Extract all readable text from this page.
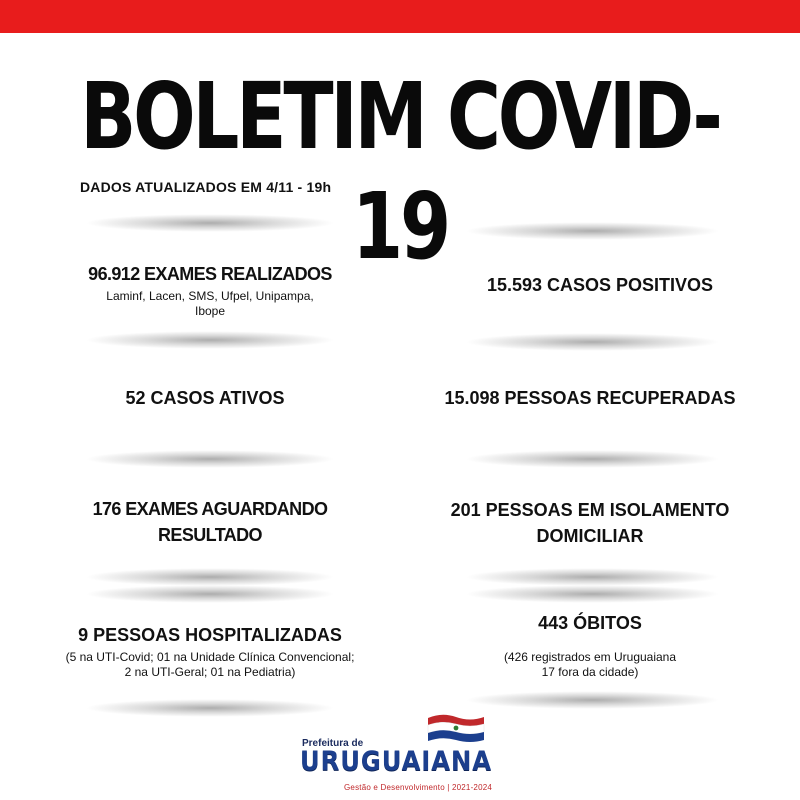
BOLETIM COVID-19
DADOS ATUALIZADOS EM 4/11 - 19h
96.912 EXAMES REALIZADOS
Laminf, Lacen, SMS, Ufpel, Unipampa, Ibope
52 CASOS ATIVOS
176 EXAMES AGUARDANDO
RESULTADO
9 PESSOAS HOSPITALIZADAS
(5 na UTI-Covid; 01 na Unidade Clínica Convencional;
2 na UTI-Geral; 01 na Pediatria)
15.593 CASOS POSITIVOS
15.098 PESSOAS RECUPERADAS
201 PESSOAS EM ISOLAMENTO
DOMICILIAR
443 ÓBITOS
(426 registrados em Uruguaiana
17 fora da cidade)
Prefeitura de
URUGUAIANA
Gestão e Desenvolvimento | 2021-2024
